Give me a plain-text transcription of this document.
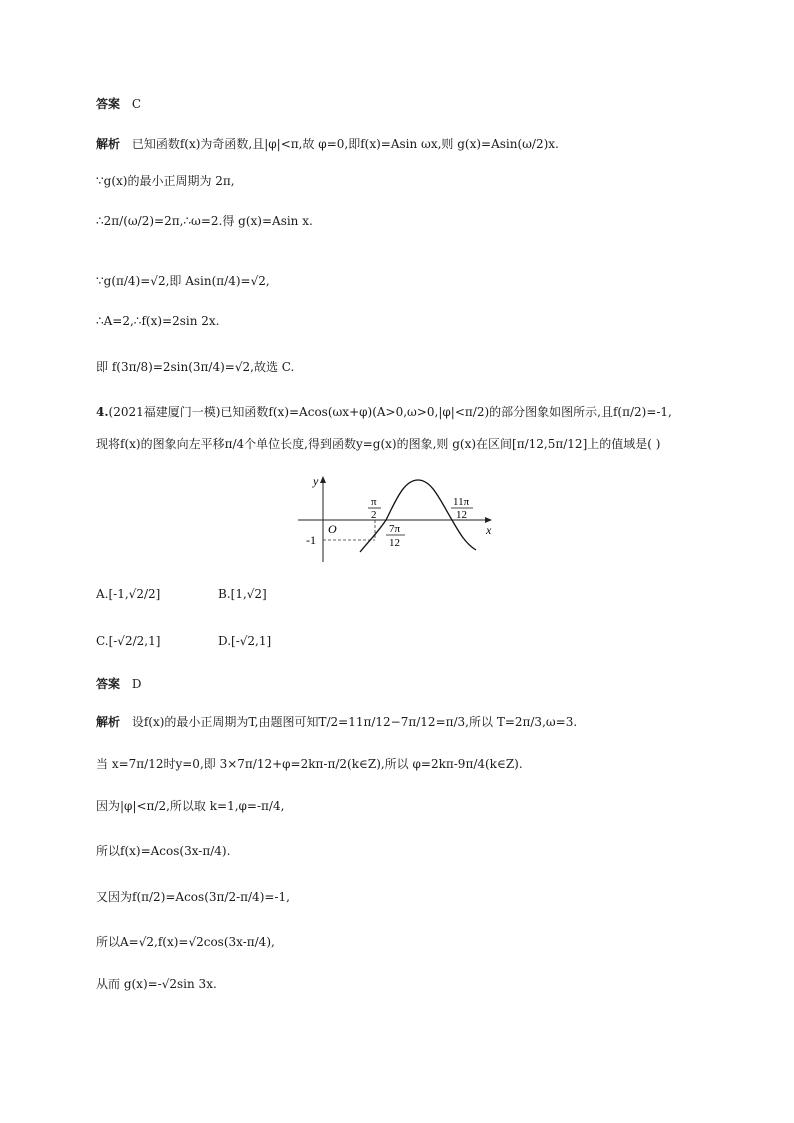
答案 C
解析 已知函数f(x)为奇函数,且|φ|<π,故 φ=0,即f(x)=Asin ωx,则 g(x)=Asin(ω/2)x.
∵g(x)的最小正周期为 2π,
∴2π/(ω/2)=2π,∴ω=2.得 g(x)=Asin x.
∵g(π/4)=√2,即 Asin(π/4)=√2,
∴A=2,∴f(x)=2sin 2x.
即 f(3π/8)=2sin(3π/4)=√2,故选 C.
4.(2021福建厦门一模)已知函数f(x)=Acos(ωx+φ)(A>0,ω>0,|φ|<π/2)的部分图象如图所示,且f(π/2)=-1,
现将f(x)的图象向左平移π/4个单位长度,得到函数y=g(x)的图象,则 g(x)在区间[π/12,5π/12]上的值域是( )
y
x
O
-1
π
2
7π
12
11π
12
A.[-1,√2/2]	B.[1,√2]
C.[-√2/2,1]	D.[-√2,1]
答案 D
解析 设f(x)的最小正周期为T,由题图可知T/2=11π/12−7π/12=π/3,所以 T=2π/3,ω=3.
当 x=7π/12时y=0,即 3×7π/12+φ=2kπ-π/2(k∈Z),所以 φ=2kπ-9π/4(k∈Z).
因为|φ|<π/2,所以取 k=1,φ=-π/4,
所以f(x)=Acos(3x-π/4).
又因为f(π/2)=Acos(3π/2-π/4)=-1,
所以A=√2,f(x)=√2cos(3x-π/4),
从而 g(x)=-√2sin 3x.
